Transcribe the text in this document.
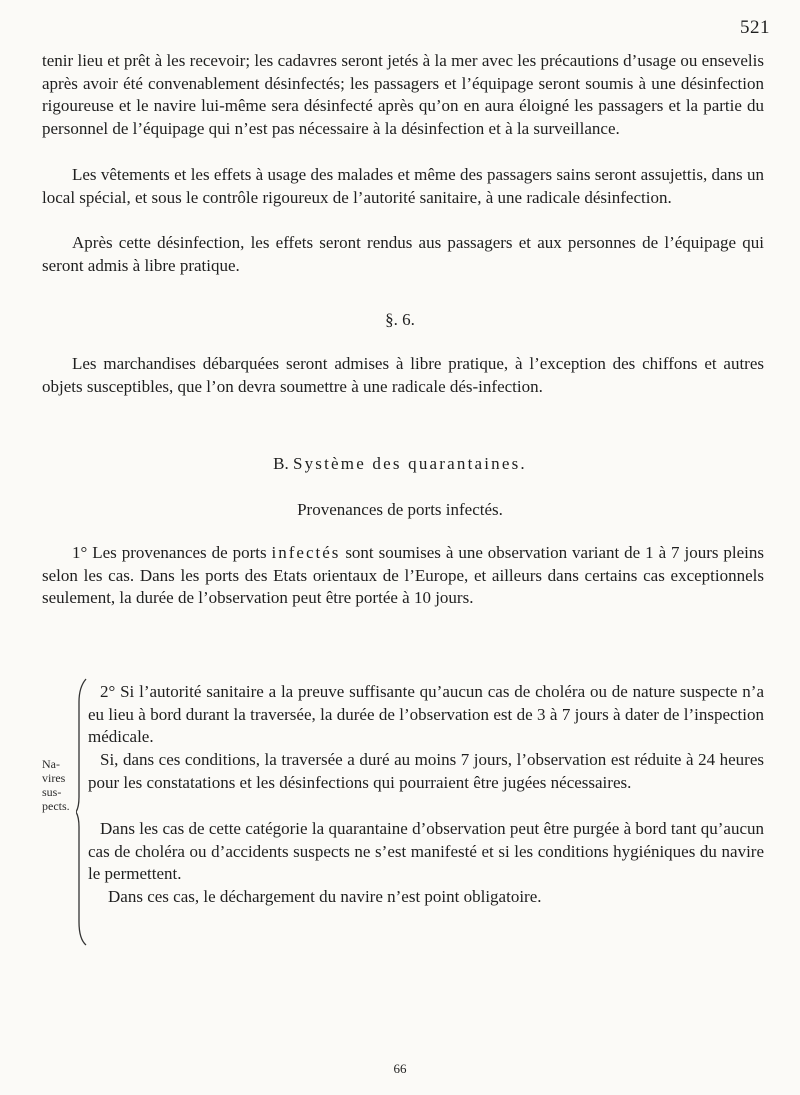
521

tenir lieu et prêt à les recevoir; les cadavres seront jetés à la mer avec les précautions d’usage ou ensevelis après avoir été convenablement désinfectés; les passagers et l’équipage seront soumis à une désinfection rigoureuse et le navire lui-même sera désinfecté après qu’on en aura éloigné les passagers et la partie du personnel de l’équipage qui n’est pas nécessaire à la désinfection et à la surveillance.

Les vêtements et les effets à usage des malades et même des passagers sains seront assujettis, dans un local spécial, et sous le contrôle rigoureux de l’autorité sanitaire, à une radicale désinfection.

Après cette désinfection, les effets seront rendus aus passagers et aux personnes de l’équipage qui seront admis à libre pratique.

§. 6.

Les marchandises débarquées seront admises à libre pratique, à l’exception des chiffons et autres objets susceptibles, que l’on devra soumettre à une radicale dés-infection.

B. Système des quarantaines.

Provenances de ports infectés.

1° Les provenances de ports infectés sont soumises à une observation variant de 1 à 7 jours pleins selon les cas. Dans les ports des Etats orientaux de l’Europe, et ailleurs dans certains cas exceptionnels seulement, la durée de l’observation peut être portée à 10 jours.

Na-
vires
sus-
pects.

2° Si l’autorité sanitaire a la preuve suffisante qu’aucun cas de choléra ou de nature suspecte n’a eu lieu à bord durant la traversée, la durée de l’observation est de 3 à 7 jours à dater de l’inspection médicale.

Si, dans ces conditions, la traversée a duré au moins 7 jours, l’observation est réduite à 24 heures pour les constatations et les désinfections qui pourraient être jugées nécessaires.

Dans les cas de cette catégorie la quarantaine d’observation peut être purgée à bord tant qu’aucun cas de choléra ou d’accidents suspects ne s’est manifesté et si les conditions hygiéniques du navire le permettent.

Dans ces cas, le déchargement du navire n’est point obligatoire.

66
